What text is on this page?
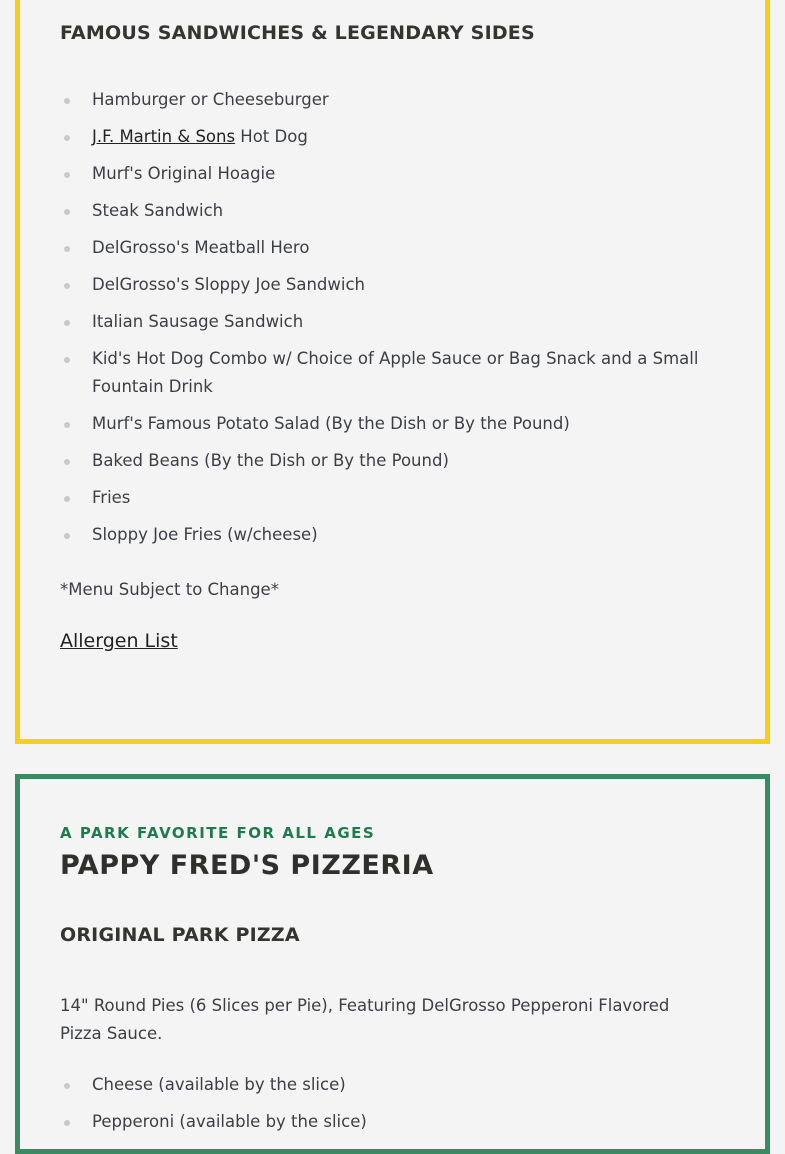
FAMOUS SANDWICHES & LEGENDARY SIDES
Hamburger or Cheeseburger
J.F. Martin & Sons Hot Dog
Murf's Original Hoagie
Steak Sandwich
DelGrosso's Meatball Hero
DelGrosso's Sloppy Joe Sandwich
Italian Sausage Sandwich
Kid's Hot Dog Combo w/ Choice of Apple Sauce or Bag Snack and a Small Fountain Drink
Murf's Famous Potato Salad (By the Dish or By the Pound)
Baked Beans (By the Dish or By the Pound)
Fries
Sloppy Joe Fries (w/cheese)

*Menu Subject to Change*

Allergen List

A PARK FAVORITE FOR ALL AGES

PAPPY FRED'S PIZZERIA
ORIGINAL PARK PIZZA

14" Round Pies (6 Slices per Pie), Featuring DelGrosso Pepperoni Flavored Pizza Sauce.

Cheese (available by the slice)
Pepperoni (available by the slice)
